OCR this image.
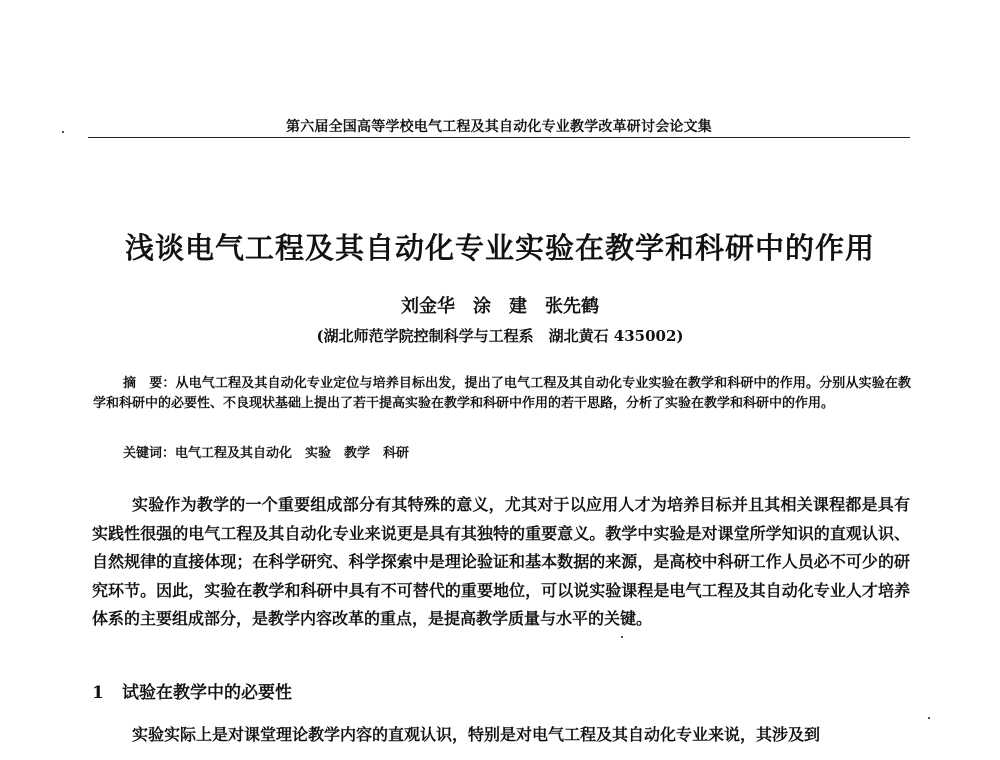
第六届全国高等学校电气工程及其自动化专业教学改革研讨会论文集
浅谈电气工程及其自动化专业实验在教学和科研中的作用
刘金华　涂　建　张先鹤
(湖北师范学院控制科学与工程系　湖北黄石 435002)
摘　要：从电气工程及其自动化专业定位与培养目标出发，提出了电气工程及其自动化专业实验在教学和科研中的作用。分别从实验在教学和科研中的必要性、不良现状基础上提出了若干提高实验在教学和科研中作用的若干思路，分析了实验在教学和科研中的作用。
关键词：电气工程及其自动化　实验　教学　科研
实验作为教学的一个重要组成部分有其特殊的意义，尤其对于以应用人才为培养目标并且其相关课程都是具有实践性很强的电气工程及其自动化专业来说更是具有其独特的重要意义。教学中实验是对课堂所学知识的直观认识、自然规律的直接体现；在科学研究、科学探索中是理论验证和基本数据的来源，是高校中科研工作人员必不可少的研究环节。因此，实验在教学和科研中具有不可替代的重要地位，可以说实验课程是电气工程及其自动化专业人才培养体系的主要组成部分，是教学内容改革的重点，是提高教学质量与水平的关键。
1 试验在教学中的必要性
实验实际上是对课堂理论教学内容的直观认识，特别是对电气工程及其自动化专业来说，其涉及到
